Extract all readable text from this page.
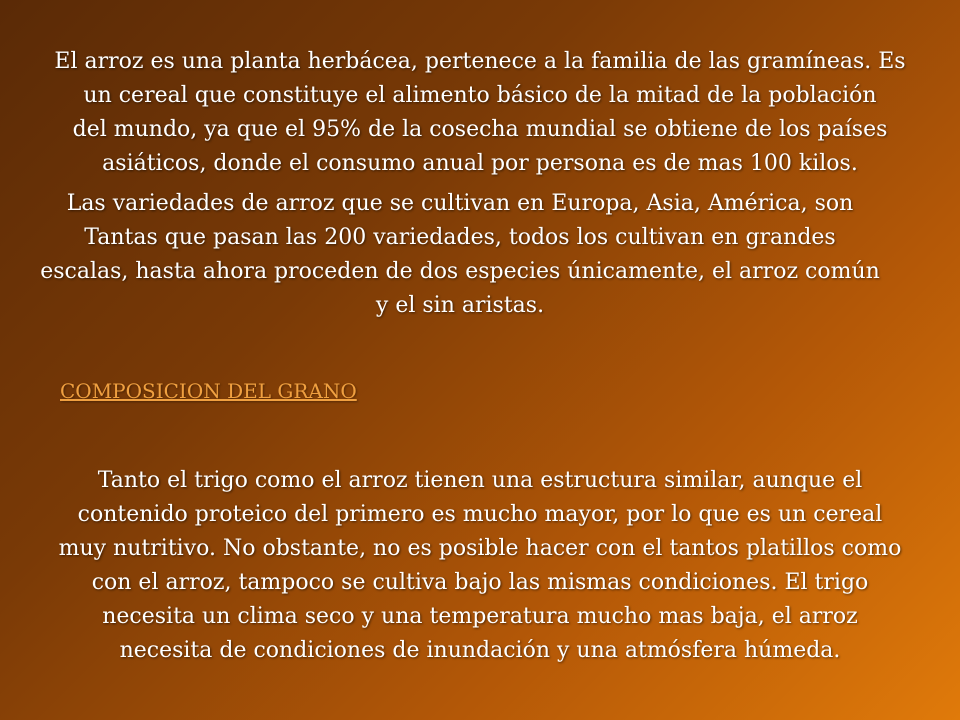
El arroz es una planta herbácea, pertenece a la familia de las gramíneas. Es
un cereal que constituye el alimento básico de la mitad de la población
del mundo, ya que el 95% de la cosecha mundial se obtiene de los países
asiáticos, donde el consumo anual por persona es de mas 100 kilos.
Las variedades de arroz que se cultivan en Europa, Asia, América, son
Tantas que pasan las 200 variedades, todos los cultivan en grandes
escalas, hasta ahora proceden de dos especies únicamente, el arroz común
y el sin aristas.
COMPOSICION DEL GRANO
Tanto el trigo como el arroz tienen una estructura similar, aunque el
contenido proteico del primero es mucho mayor, por lo que es un cereal
muy nutritivo. No obstante, no es posible hacer con el tantos platillos como
con el arroz, tampoco se cultiva bajo las mismas condiciones. El trigo
necesita un clima seco y una temperatura mucho mas baja, el arroz
necesita de condiciones de inundación y una atmósfera húmeda.
